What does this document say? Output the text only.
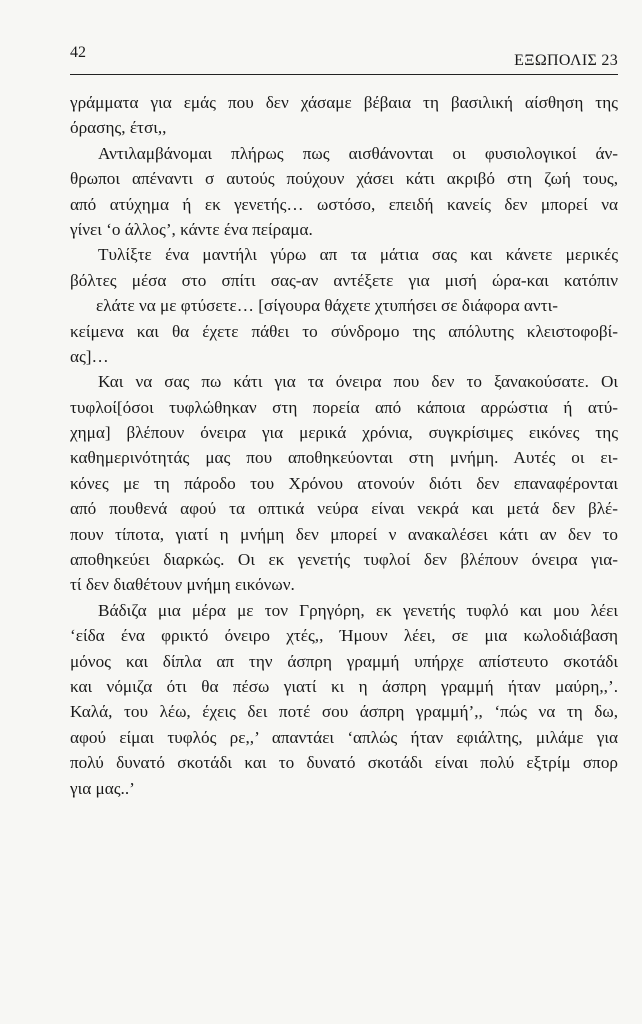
42	ΕΞΩΠΟΛΙΣ 23
γράμματα για εμάς που δεν χάσαμε βέβαια τη βασιλική αίσθηση της
όρασης, έτσι,,
Αντιλαμβάνομαι πλήρως πως αισθάνονται οι φυσιολογικοί άν-
θρωποι απέναντι σ αυτούς πούχουν χάσει κάτι ακριβό στη ζωή τους,
από ατύχημα ή εκ γενετής… ωστόσο, επειδή κανείς δεν μπορεί να
γίνει ‘ο άλλος’, κάντε ένα πείραμα.
Τυλίξτε ένα μαντήλι γύρω απ τα μάτια σας και κάνετε μερικές
βόλτες μέσα στο σπίτι σας-αν αντέξετε για μισή ώρα-και κατόπιν
ελάτε να με φτύσετε… [σίγουρα θάχετε χτυπήσει σε διάφορα αντι-
κείμενα και θα έχετε πάθει το σύνδρομο της απόλυτης κλειστοφοβί-
ας]…
Και να σας πω κάτι για τα όνειρα που δεν το ξανακούσατε. Οι
τυφλοί[όσοι τυφλώθηκαν στη πορεία από κάποια αρρώστια ή ατύ-
χημα] βλέπουν όνειρα για μερικά χρόνια, συγκρίσιμες εικόνες της
καθημερινότητάς μας που αποθηκεύονται στη μνήμη. Αυτές οι ει-
κόνες με τη πάροδο του Χρόνου ατονούν διότι δεν επαναφέρονται
από πουθενά αφού τα οπτικά νεύρα είναι νεκρά και μετά δεν βλέ-
πουν τίποτα, γιατί η μνήμη δεν μπορεί ν ανακαλέσει κάτι αν δεν το
αποθηκεύει διαρκώς. Οι εκ γενετής τυφλοί δεν βλέπουν όνειρα για-
τί δεν διαθέτουν μνήμη εικόνων.
Βάδιζα μια μέρα με τον Γρηγόρη, εκ γενετής τυφλό και μου λέει
‘είδα ένα φρικτό όνειρο χτές,, Ήμουν λέει, σε μια κωλοδιάβαση
μόνος και δίπλα απ την άσπρη γραμμή υπήρχε απίστευτο σκοτάδι
και νόμιζα ότι θα πέσω γιατί κι η άσπρη γραμμή ήταν μαύρη,,’.
Καλά, του λέω, έχεις δει ποτέ σου άσπρη γραμμή’,, ‘πώς να τη δω,
αφού είμαι τυφλός ρε,,’ απαντάει ‘απλώς ήταν εφιάλτης, μιλάμε για
πολύ δυνατό σκοτάδι και το δυνατό σκοτάδι είναι πολύ εξτρίμ σπορ
για μας..’
